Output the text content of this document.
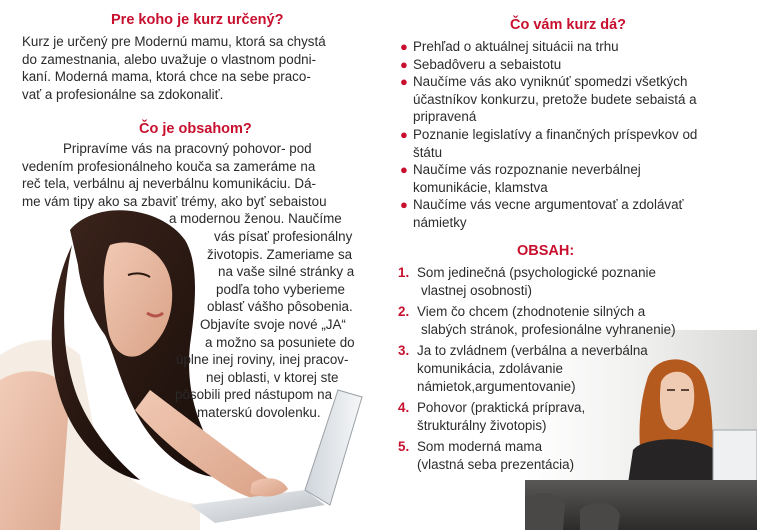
Pre koho je kurz určený?

Kurz je určený pre Modernú mamu, ktorá sa chystá
do zamestnania, alebo uvažuje o vlastnom podni-
kaní. Moderná mama, ktorá chce na sebe praco-
vať a profesionálne sa zdokonaliť.

Čo je obsahom?
Pripravíme vás na pracovný pohovor- pod
vedením profesionálneho kouča sa zameráme na
reč tela, verbálnu aj neverbálnu komunikáciu. Dá-
me vám tipy ako sa zbaviť trémy, ako byť sebaistou
a modernou ženou. Naučíme
vás písať profesionálny
životopis. Zameriame sa
na vaše silné stránky a
podľa toho vyberieme
oblasť vášho pôsobenia.
Objavíte svoje nové „JA“
a možno sa posuniete do
úplne inej roviny, inej pracov-
nej oblasti, v ktorej ste
pôsobili pred nástupom na
materskú dovolenku.
Čo vám kurz dá?
● Prehľad o aktuálnej situácii na trhu
● Sebadôveru a sebaistotu
● Naučíme vás ako vyniknúť spomedzi všetkých
účastníkov konkurzu, pretože budete sebaistá a
pripravená
● Poznanie legislatívy a finančných príspevkov od
štátu
● Naučíme vás rozpoznanie neverbálnej
komunikácie, klamstva
● Naučíme vás vecne argumentovať a zdolávať
námietky
OBSAH:
1. Som jedinečná (psychologické poznanie
vlastnej osobnosti)
2. Viem čo chcem (zhodnotenie silných a
slabých stránok, profesionálne vyhranenie)
3. Ja to zvládnem (verbálna a neverbálna
komunikácia, zdolávanie
námietok,argumentovanie)
4. Pohovor (praktická príprava,
štrukturálny životopis)
5. Som moderná mama
(vlastná seba prezentácia)
